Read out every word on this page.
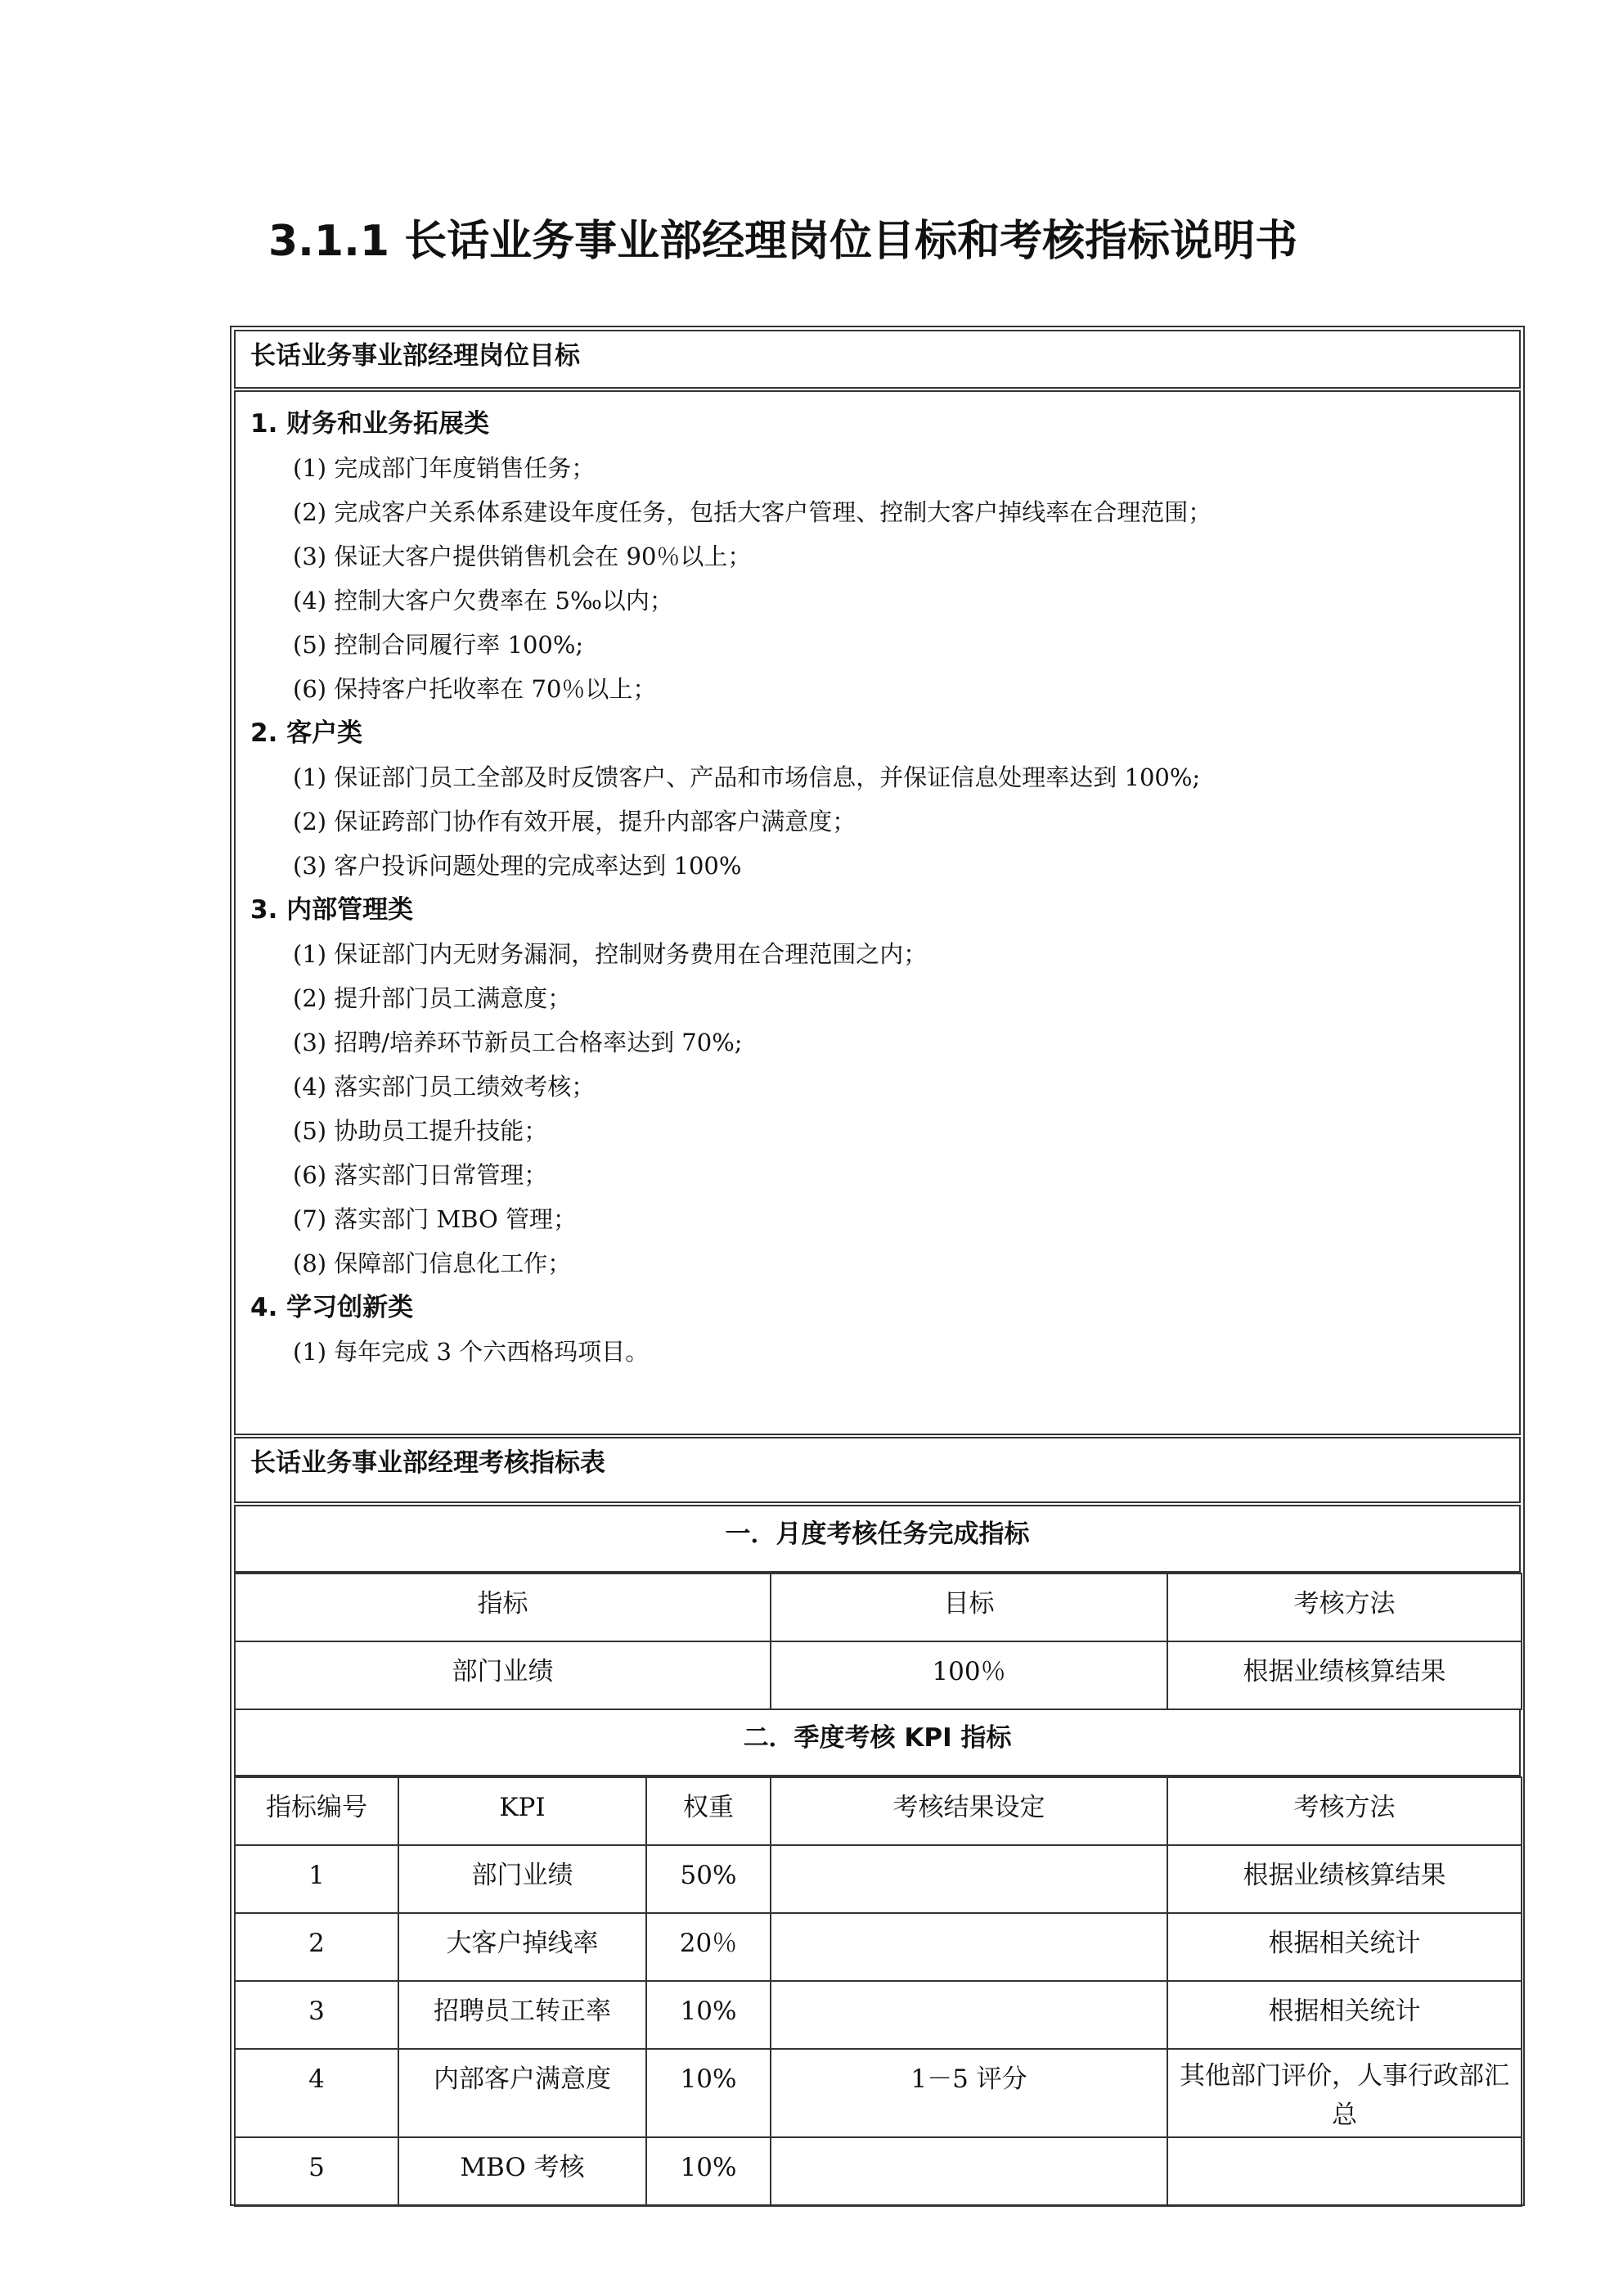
3.1.1 长话业务事业部经理岗位目标和考核指标说明书
长话业务事业部经理岗位目标
1. 财务和业务拓展类
(1) 完成部门年度销售任务；
(2) 完成客户关系体系建设年度任务，包括大客户管理、控制大客户掉线率在合理范围；
(3) 保证大客户提供销售机会在 90％以上；
(4) 控制大客户欠费率在 5‰以内；
(5) 控制合同履行率 100%;
(6) 保持客户托收率在 70％以上；
2. 客户类
(1) 保证部门员工全部及时反馈客户、产品和市场信息，并保证信息处理率达到 100%;
(2) 保证跨部门协作有效开展，提升内部客户满意度；
(3) 客户投诉问题处理的完成率达到 100%
3. 内部管理类
(1) 保证部门内无财务漏洞，控制财务费用在合理范围之内；
(2) 提升部门员工满意度；
(3) 招聘/培养环节新员工合格率达到 70%;
(4) 落实部门员工绩效考核；
(5) 协助员工提升技能；
(6) 落实部门日常管理；
(7) 落实部门 MBO 管理；
(8) 保障部门信息化工作；
4. 学习创新类
(1) 每年完成 3 个六西格玛项目。
长话业务事业部经理考核指标表
一．月度考核任务完成指标
指标	目标	考核方法
部门业绩	100％	根据业绩核算结果
二．季度考核 KPI 指标
指标编号	KPI	权重	考核结果设定	考核方法
1	部门业绩	50%		根据业绩核算结果
2	大客户掉线率	20％		根据相关统计
3	招聘员工转正率	10%		根据相关统计
4	内部客户满意度	10%	1－5 评分	其他部门评价，人事行政部汇总
5	MBO 考核	10%		
